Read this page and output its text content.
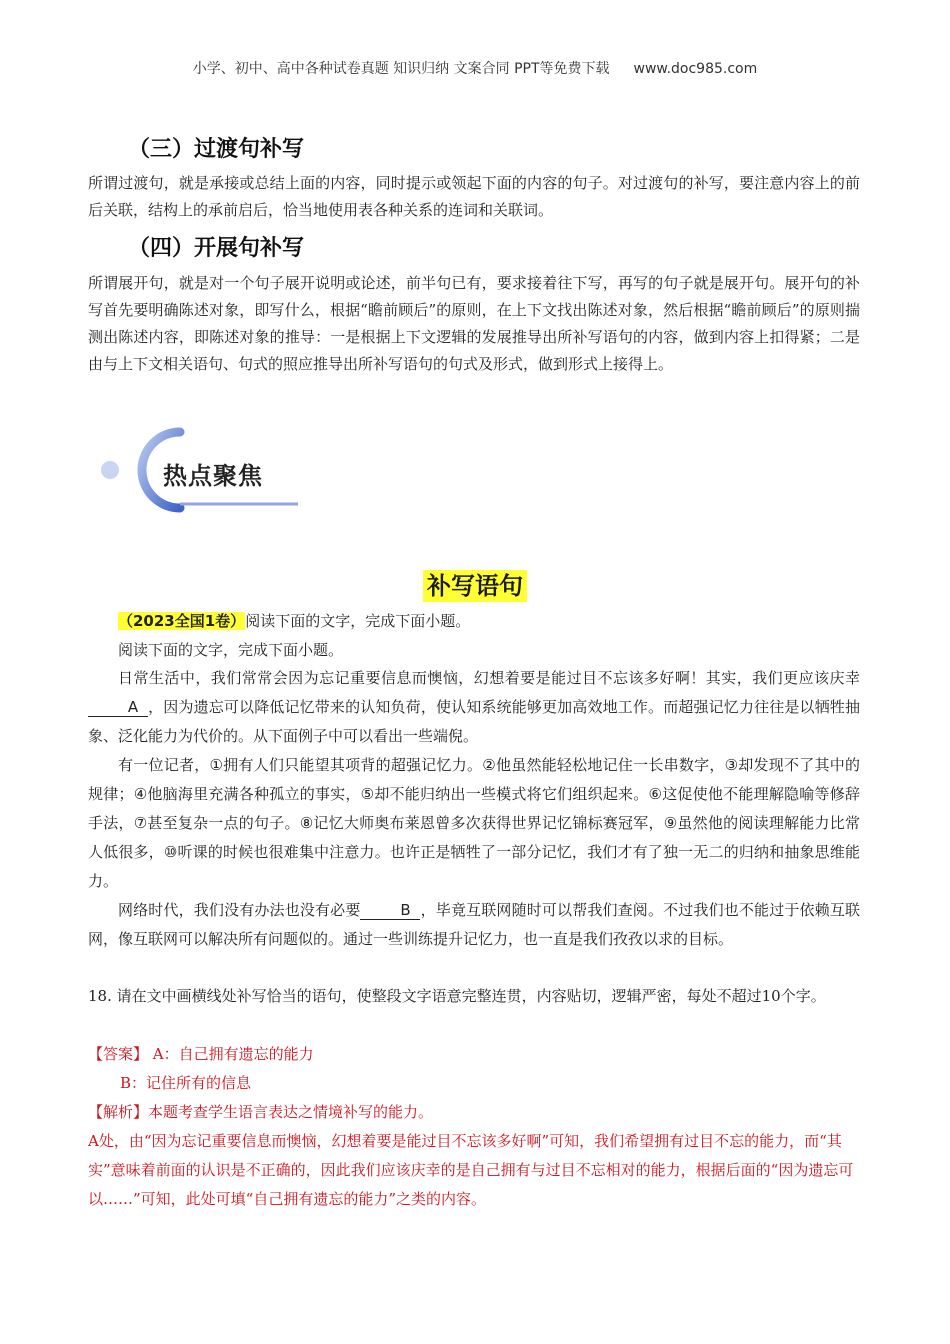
小学、初中、高中各种试卷真题 知识归纳 文案合同 PPT等免费下载 www.doc985.com
（三）过渡句补写

所谓过渡句，就是承接或总结上面的内容，同时提示或领起下面的内容的句子。对过渡句的补写，要注意内容上的前后关联，结构上的承前启后，恰当地使用表各种关系的连词和关联词。

（四）开展句补写

所谓展开句，就是对一个句子展开说明或论述，前半句已有，要求接着往下写，再写的句子就是展开句。展开句的补写首先要明确陈述对象，即写什么，根据“瞻前顾后”的原则，在上下文找出陈述对象，然后根据“瞻前顾后”的原则揣测出陈述内容，即陈述对象的推导：一是根据上下文逻辑的发展推导出所补写语句的内容，做到内容上扣得紧；二是由与上下文相关语句、句式的照应推导出所补写语句的句式及形式，做到形式上接得上。

热点聚焦
补写语句
（2023全国1卷）阅读下面的文字，完成下面小题。
阅读下面的文字，完成下面小题。

日常生活中，我们常常会因为忘记重要信息而懊恼，幻想着要是能过目不忘该多好啊！其实，我们更应该庆幸A ，因为遗忘可以降低记忆带来的认知负荷，使认知系统能够更加高效地工作。而超强记忆力往往是以牺牲抽象、泛化能力为代价的。从下面例子中可以看出一些端倪。

有一位记者，①拥有人们只能望其项背的超强记忆力。②他虽然能轻松地记住一长串数字，③却发现不了其中的规律；④他脑海里充满各种孤立的事实，⑤却不能归纳出一些模式将它们组织起来。⑥这促使他不能理解隐喻等修辞手法，⑦甚至复杂一点的句子。⑧记忆大师奥布莱恩曾多次获得世界记忆锦标赛冠军，⑨虽然他的阅读理解能力比常人低很多，⑩听课的时候也很难集中注意力。也许正是牺牲了一部分记忆，我们才有了独一无二的归纳和抽象思维能力。

网络时代，我们没有办法也没有必要	B ，毕竟互联网随时可以帮我们查阅。不过我们也不能过于依赖互联网，像互联网可以解决所有问题似的。通过一些训练提升记忆力，也一直是我们孜孜以求的目标。

18. 请在文中画横线处补写恰当的语句，使整段文字语意完整连贯，内容贴切，逻辑严密，每处不超过10个字。

【答案】 A：自己拥有遗忘的能力

B：记住所有的信息

【解析】本题考查学生语言表达之情境补写的能力。

A处，由“因为忘记重要信息而懊恼，幻想着要是能过目不忘该多好啊”可知，我们希望拥有过目不忘的能力，而“其实”意味着前面的认识是不正确的，因此我们应该庆幸的是自己拥有与过目不忘相对的能力，根据后面的“因为遗忘可以……”可知，此处可填“自己拥有遗忘的能力”之类的内容。
